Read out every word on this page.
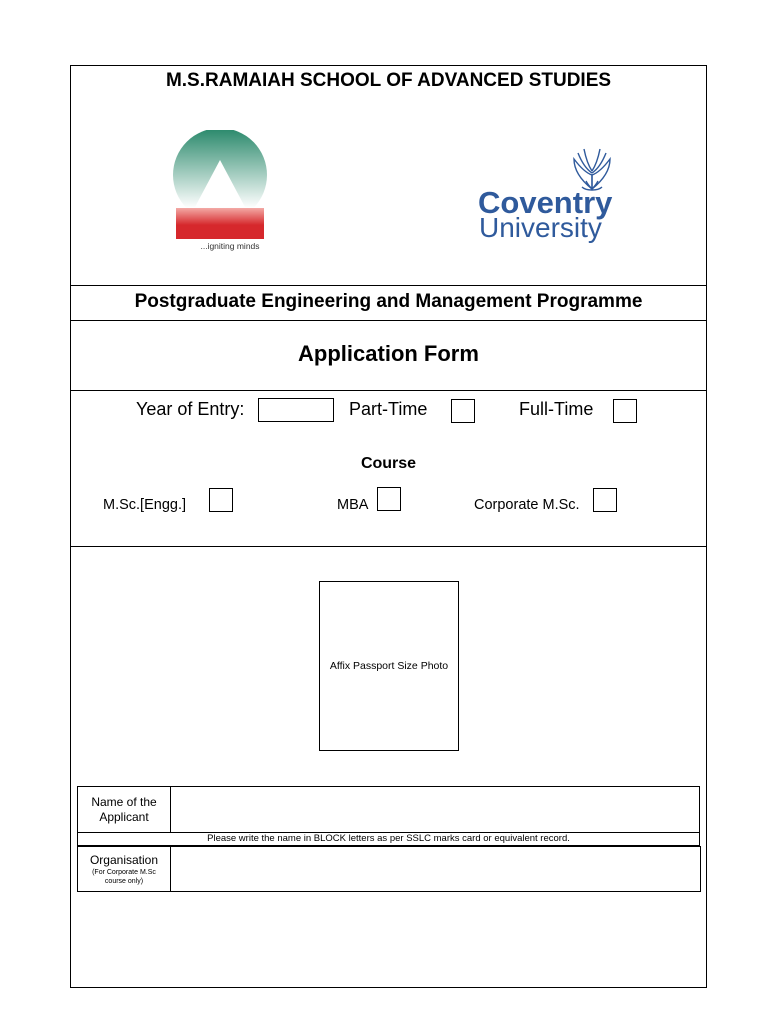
M.S.RAMAIAH SCHOOL OF ADVANCED STUDIES
...igniting minds
Coventry
University
Postgraduate Engineering and Management Programme
Application Form
Year of Entry:	Part-Time	Full-Time
Course
M.Sc.[Engg.]	MBA	Corporate M.Sc.
Affix Passport Size Photo
Name of the Applicant
Please write the name in BLOCK letters as per SSLC marks card or equivalent record.
Organisation
(For Corporate M.Sc course only)
